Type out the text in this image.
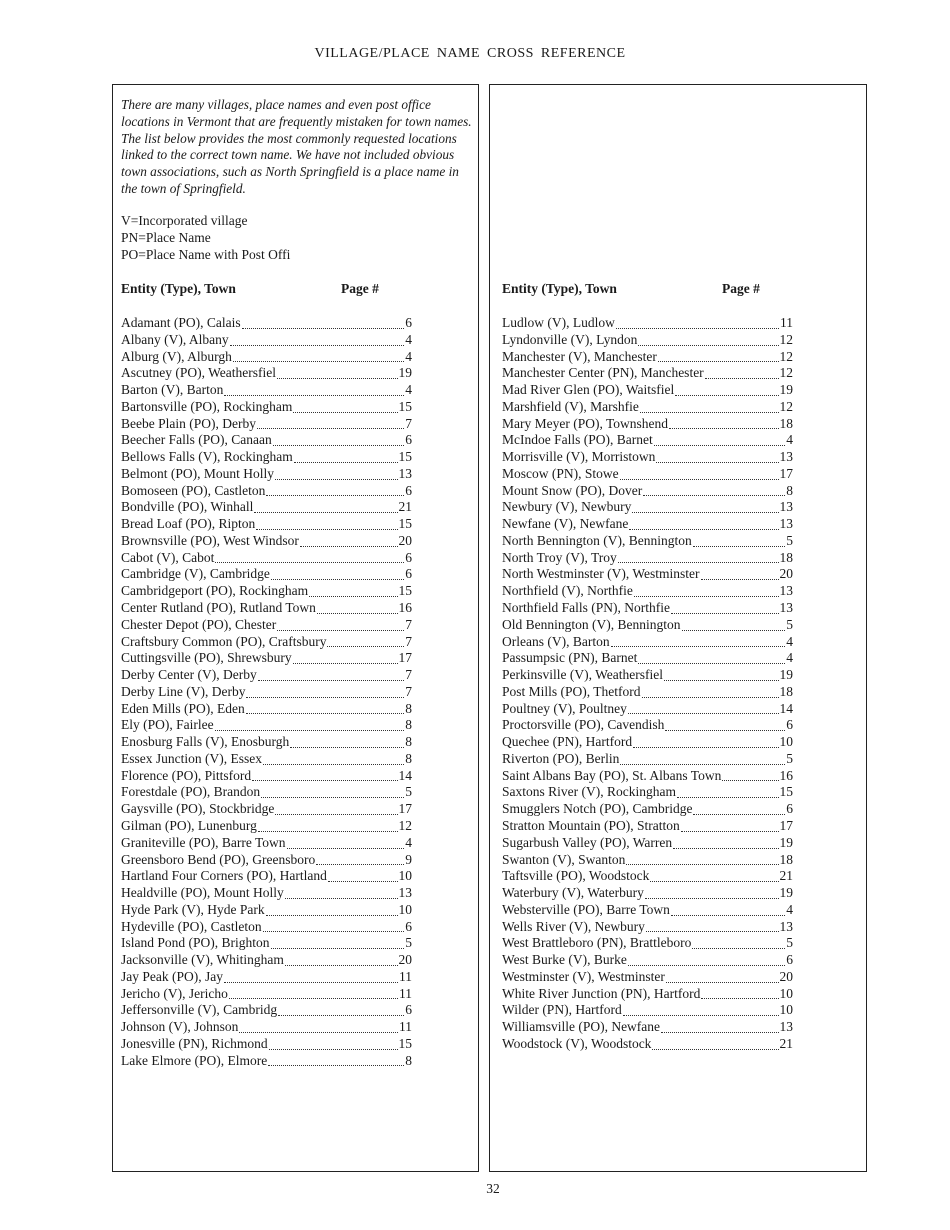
VILLAGE/PLACE NAME CROSS REFERENCE
There are many villages, place names and even post office locations in Vermont that are frequently mistaken for town names. The list below provides the most commonly requested locations linked to the correct town name. We have not included obvious town associations, such as North Springfield is a place name in the town of Springfield.
V=Incorporated village
PN=Place Name
PO=Place Name with Post Offi
Entity (Type), Town	Page #
Adamant (PO), Calais	6
Albany (V), Albany	4
Alburg (V), Alburgh	4
Ascutney (PO), Weathersfiel	19
Barton (V), Barton	4
Bartonsville (PO), Rockingham	15
Beebe Plain (PO), Derby	7
Beecher Falls (PO), Canaan	6
Bellows Falls (V), Rockingham	15
Belmont (PO), Mount Holly	13
Bomoseen (PO), Castleton	6
Bondville (PO), Winhall	21
Bread Loaf (PO), Ripton	15
Brownsville (PO), West Windsor	20
Cabot (V), Cabot	6
Cambridge (V), Cambridge	6
Cambridgeport (PO), Rockingham	15
Center Rutland (PO), Rutland Town	16
Chester Depot (PO), Chester	7
Craftsbury Common (PO), Craftsbury	7
Cuttingsville (PO), Shrewsbury	17
Derby Center (V), Derby	7
Derby Line (V), Derby	7
Eden Mills (PO), Eden	8
Ely (PO), Fairlee	8
Enosburg Falls (V), Enosburgh	8
Essex Junction (V), Essex	8
Florence (PO), Pittsford	14
Forestdale (PO), Brandon	5
Gaysville (PO), Stockbridge	17
Gilman (PO), Lunenburg	12
Graniteville (PO), Barre Town	4
Greensboro Bend (PO), Greensboro	9
Hartland Four Corners (PO), Hartland	10
Healdville (PO), Mount Holly	13
Hyde Park (V), Hyde Park	10
Hydeville (PO), Castleton	6
Island Pond (PO), Brighton	5
Jacksonville (V), Whitingham	20
Jay Peak (PO), Jay	11
Jericho (V), Jericho	11
Jeffersonville (V), Cambridg	6
Johnson (V), Johnson	11
Jonesville (PN), Richmond	15
Lake Elmore (PO), Elmore	8
Entity (Type), Town	Page #
Ludlow (V), Ludlow	11
Lyndonville (V), Lyndon	12
Manchester (V), Manchester	12
Manchester Center (PN), Manchester	12
Mad River Glen (PO), Waitsfiel	19
Marshfield (V), Marshfie	12
Mary Meyer (PO), Townshend	18
McIndoe Falls (PO), Barnet	4
Morrisville (V), Morristown	13
Moscow (PN), Stowe	17
Mount Snow (PO), Dover	8
Newbury (V), Newbury	13
Newfane (V), Newfane	13
North Bennington (V), Bennington	5
North Troy (V), Troy	18
North Westminster (V), Westminster	20
Northfield (V), Northfie	13
Northfield Falls (PN), Northfie	13
Old Bennington (V), Bennington	5
Orleans (V), Barton	4
Passumpsic (PN), Barnet	4
Perkinsville (V), Weathersfiel	19
Post Mills (PO), Thetford	18
Poultney (V), Poultney	14
Proctorsville (PO), Cavendish	6
Quechee (PN), Hartford	10
Riverton (PO), Berlin	5
Saint Albans Bay (PO), St. Albans Town	16
Saxtons River (V), Rockingham	15
Smugglers Notch (PO), Cambridge	6
Stratton Mountain (PO), Stratton	17
Sugarbush Valley (PO), Warren	19
Swanton (V), Swanton	18
Taftsville (PO), Woodstock	21
Waterbury (V), Waterbury	19
Websterville (PO), Barre Town	4
Wells River (V), Newbury	13
West Brattleboro (PN), Brattleboro	5
West Burke (V), Burke	6
Westminster (V), Westminster	20
White River Junction (PN), Hartford	10
Wilder (PN), Hartford	10
Williamsville (PO), Newfane	13
Woodstock (V), Woodstock	21
32
